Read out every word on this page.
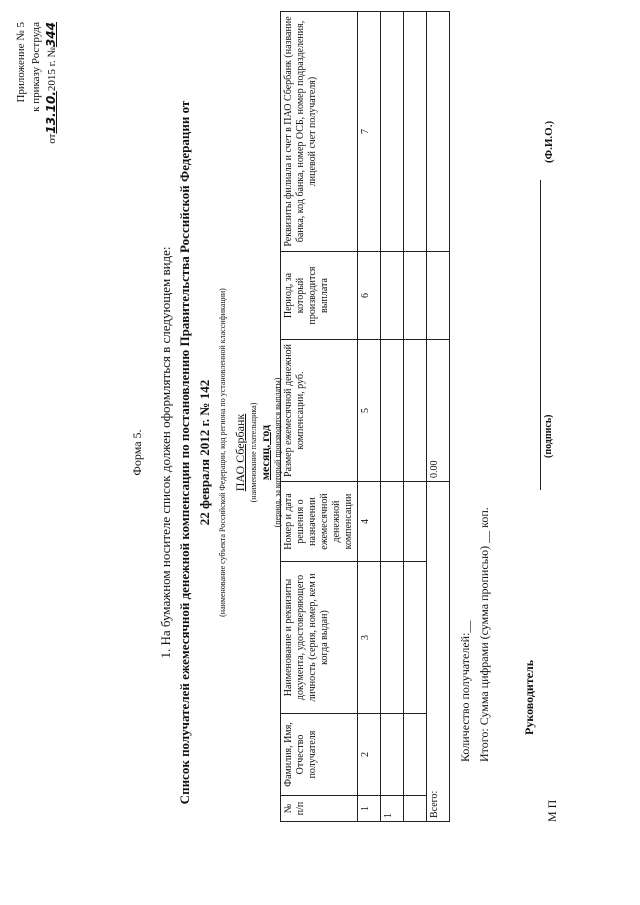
Приложение № 5 к приказу Роструда
от13.10.2015 г. №344
Форма 5. 1. На бумажном носителе список должен оформляться в следующем виде: Список получателей ежемесячной денежной компенсации по постановлению Правительства Российской Федерации от 22 февраля 2012 г. № 142 (наименование субъекта Российской Федерации, код региона по установленной классификации) ПАО Сбербанк (наименование плательщика) месяц, год (период, за который производятся выплаты)
№ п/п	Фамилия, Имя, Отчество получателя	Наименование и реквизиты документа, удостоверяющего личность (серия, номер, кем и когда выдан)	Номер и дата решения о назначении ежемесячной денежной компенсации	Размер ежемесячной денежной компенсации, руб.	Период, за который производится выплата	Реквизиты филиала и счет в ПАО Сбербанк (название банка, код банка, номер ОСБ, номер подразделения, лицевой счет получателя)
1	2	3	4	5	6	7
1						

Всего:				0.00		
Количество получателей:__ Итого: Сумма цифрами (сумма прописью) __ коп.	Руководитель
М П
(подпись)
(Ф.И.О.)
